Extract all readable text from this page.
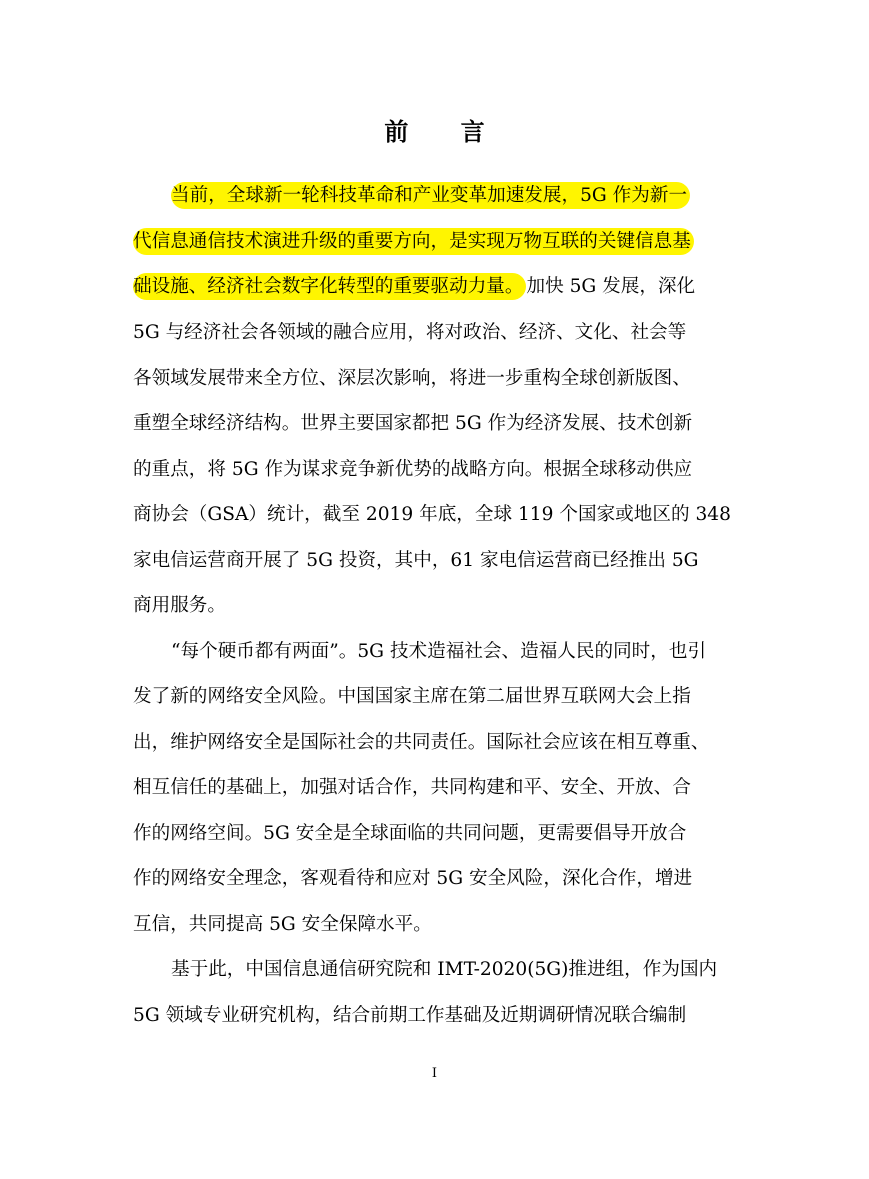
前 言
当前，全球新一轮科技革命和产业变革加速发展，5G 作为新一
代信息通信技术演进升级的重要方向，是实现万物互联的关键信息基
础设施、经济社会数字化转型的重要驱动力量。 加快 5G 发展，深化
5G 与经济社会各领域的融合应用，将对政治、经济、文化、社会等
各领域发展带来全方位、深层次影响，将进一步重构全球创新版图、
重塑全球经济结构。世界主要国家都把 5G 作为经济发展、技术创新
的重点，将 5G 作为谋求竞争新优势的战略方向。根据全球移动供应
商协会（GSA）统计，截至 2019 年底，全球 119 个国家或地区的 348
家电信运营商开展了 5G 投资，其中，61 家电信运营商已经推出 5G
商用服务。
“每个硬币都有两面”。5G 技术造福社会、造福人民的同时，也引
发了新的网络安全风险。中国国家主席在第二届世界互联网大会上指
出，维护网络安全是国际社会的共同责任。国际社会应该在相互尊重、
相互信任的基础上，加强对话合作，共同构建和平、安全、开放、合
作的网络空间。5G 安全是全球面临的共同问题，更需要倡导开放合
作的网络安全理念，客观看待和应对 5G 安全风险，深化合作，增进
互信，共同提高 5G 安全保障水平。
基于此，中国信息通信研究院和 IMT-2020(5G)推进组，作为国内
5G 领域专业研究机构，结合前期工作基础及近期调研情况联合编制
I
